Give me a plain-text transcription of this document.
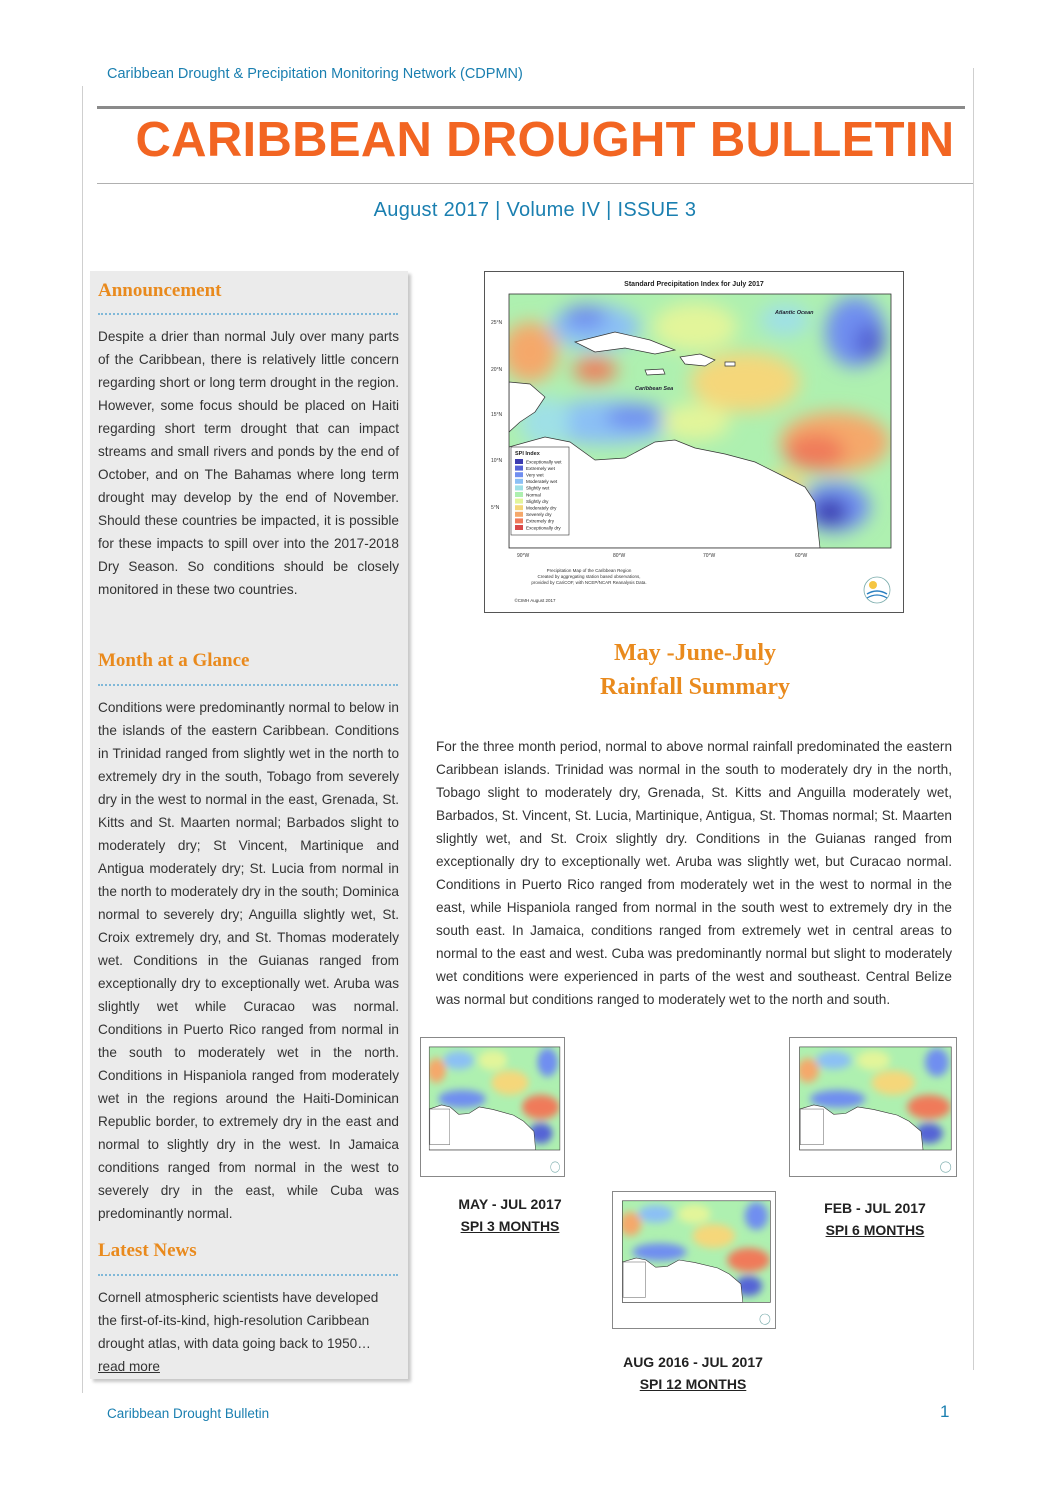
Caribbean Drought & Precipitation Monitoring Network (CDPMN)
CARIBBEAN DROUGHT BULLETIN
August 2017 | Volume IV | ISSUE 3
Announcement
Despite a drier than normal July over many parts of the Caribbean, there is relatively little concern regarding short or long term drought in the region. However, some focus should be placed on Haiti regarding short term drought that can impact streams and small rivers and ponds by the end of October, and on The Bahamas where long term drought may develop by the end of November. Should these countries be impacted, it is possible for these impacts to spill over into the 2017-2018 Dry Season. So conditions should be closely monitored in these two countries.
Month at a Glance
Conditions were predominantly normal to below in the islands of the eastern Caribbean. Conditions in Trinidad ranged from slightly wet in the north to extremely dry in the south, Tobago from severely dry in the west to normal in the east, Grenada, St. Kitts and St. Maarten normal; Barbados slight to moderately dry; St Vincent, Martinique and Antigua moderately dry; St. Lucia from normal in the north to moderately dry in the south; Dominica normal to severely dry; Anguilla slightly wet, St. Croix extremely dry, and St. Thomas moderately wet. Conditions in the Guianas ranged from exceptionally dry to exceptionally wet. Aruba was slightly wet while Curacao was normal. Conditions in Puerto Rico ranged from normal in the south to moderately wet in the north. Conditions in Hispaniola ranged from moderately wet in the regions around the Haiti-Dominican Republic border, to extremely dry in the east and normal to slightly dry in the west. In Jamaica conditions ranged from normal in the west to severely dry in the east, while Cuba was predominantly normal.
Latest News
Cornell atmospheric scientists have developed the first-of-its-kind, high-resolution Caribbean drought atlas, with data going back to 1950… read more
Standard Precipitation Index for July 2017
Atlantic Ocean
Caribbean Sea
25°N
20°N
15°N
10°N
5°N
90°W	80°W	70°W	60°W
SPI Index
Exceptionally wet
Extremely wet
Very wet
Moderately wet
Slightly wet
Normal
Slightly dry
Moderately dry
Severely dry
Extremely dry
Exceptionally dry
Precipitation Map of the Caribbean Region
Created by aggregating station based observations,
provided by CariCOF, with NCEP/NCAR Reanalysis Data.
©CIMH August 2017
May -June-July
Rainfall Summary
For the three month period, normal to above normal rainfall predominated the eastern Caribbean islands. Trinidad was normal in the south to moderately dry in the north, Tobago slight to moderately dry, Grenada, St. Kitts and Anguilla moderately wet, Barbados, St. Vincent, St. Lucia, Martinique, Antigua, St. Thomas normal; St. Maarten slightly wet, and St. Croix slightly dry. Conditions in the Guianas ranged from exceptionally dry to exceptionally wet. Aruba was slightly wet, but Curacao normal. Conditions in Puerto Rico ranged from moderately wet in the west to normal in the east, while Hispaniola ranged from normal in the south west to extremely dry in the south east. In Jamaica, conditions ranged from extremely wet in central areas to normal to the east and west. Cuba was predominantly normal but slight to moderately wet conditions were experienced in parts of the west and southeast. Central Belize was normal but conditions ranged to moderately wet to the north and south.
MAY - JUL 2017
SPI 3 MONTHS
FEB - JUL 2017
SPI 6 MONTHS
AUG 2016 - JUL 2017
SPI 12 MONTHS
Caribbean Drought Bulletin	1
